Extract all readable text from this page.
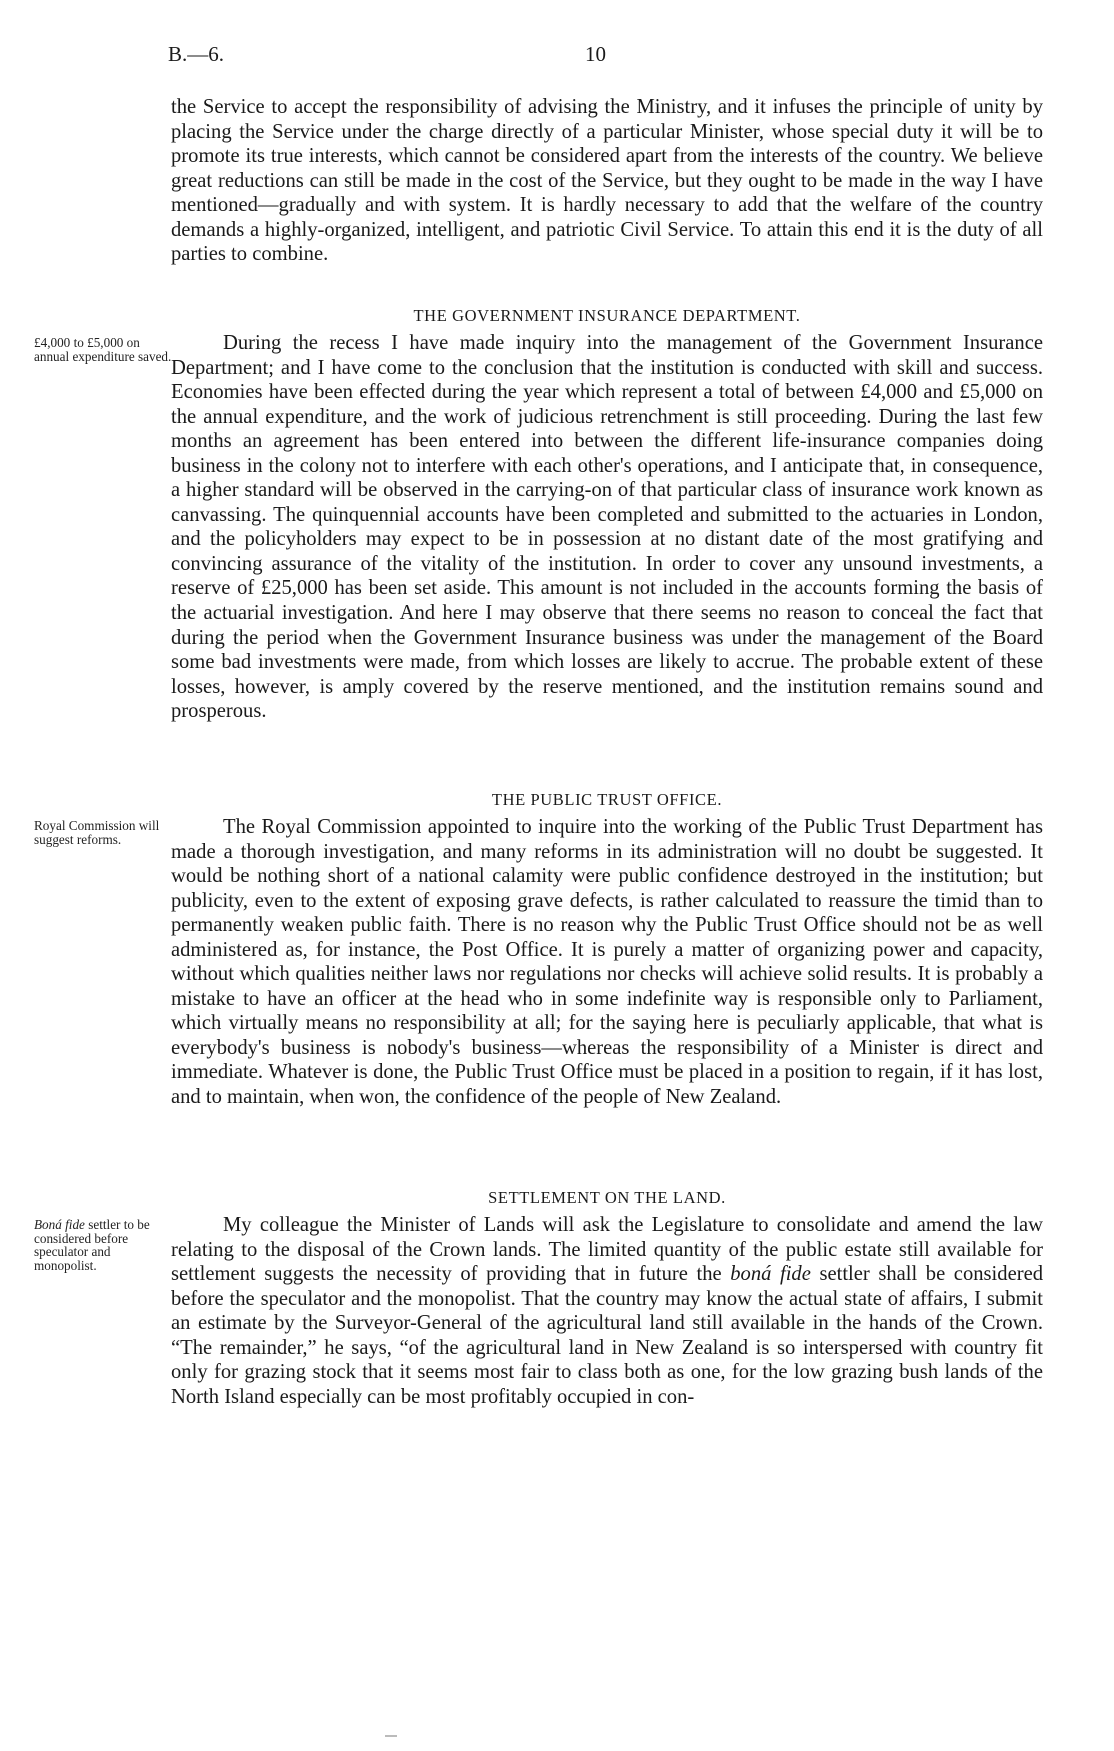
B.—6.	10

the Service to accept the responsibility of advising the Ministry, and it infuses the principle of unity by placing the Service under the charge directly of a particular Minister, whose special duty it will be to promote its true interests, which cannot be considered apart from the interests of the country. We believe great reductions can still be made in the cost of the Service, but they ought to be made in the way I have mentioned—gradually and with system. It is hardly necessary to add that the welfare of the country demands a highly-organized, intelligent, and patriotic Civil Service. To attain this end it is the duty of all parties to combine.

THE GOVERNMENT INSURANCE DEPARTMENT.

During the recess I have made inquiry into the management of the Government Insurance Department; and I have come to the conclusion that the institution is conducted with skill and success. Economies have been effected during the year which represent a total of between £4,000 and £5,000 on the annual expenditure, and the work of judicious retrenchment is still proceeding. During the last few months an agreement has been entered into between the different life-insurance companies doing business in the colony not to interfere with each other's operations, and I anticipate that, in consequence, a higher standard will be observed in the carrying-on of that particular class of insurance work known as canvassing. The quinquennial accounts have been completed and submitted to the actuaries in London, and the policyholders may expect to be in possession at no distant date of the most gratifying and convincing assurance of the vitality of the institution. In order to cover any unsound investments, a reserve of £25,000 has been set aside. This amount is not included in the accounts forming the basis of the actuarial investigation. And here I may observe that there seems no reason to conceal the fact that during the period when the Government Insurance business was under the management of the Board some bad investments were made, from which losses are likely to accrue. The probable extent of these losses, however, is amply covered by the reserve mentioned, and the institution remains sound and prosperous.

£4,000 to £5,000 on annual expenditure saved.

THE PUBLIC TRUST OFFICE.

The Royal Commission appointed to inquire into the working of the Public Trust Department has made a thorough investigation, and many reforms in its administration will no doubt be suggested. It would be nothing short of a national calamity were public confidence destroyed in the institution; but publicity, even to the extent of exposing grave defects, is rather calculated to reassure the timid than to permanently weaken public faith. There is no reason why the Public Trust Office should not be as well administered as, for instance, the Post Office. It is purely a matter of organizing power and capacity, without which qualities neither laws nor regulations nor checks will achieve solid results. It is probably a mistake to have an officer at the head who in some indefinite way is responsible only to Parliament, which virtually means no responsibility at all; for the saying here is peculiarly applicable, that what is everybody's business is nobody's business—whereas the responsibility of a Minister is direct and immediate. Whatever is done, the Public Trust Office must be placed in a position to regain, if it has lost, and to maintain, when won, the confidence of the people of New Zealand.

Royal Commission will suggest reforms.

SETTLEMENT ON THE LAND.

My colleague the Minister of Lands will ask the Legislature to consolidate and amend the law relating to the disposal of the Crown lands. The limited quantity of the public estate still available for settlement suggests the necessity of providing that in future the boná fide settler shall be considered before the speculator and the monopolist. That the country may know the actual state of affairs, I submit an estimate by the Surveyor-General of the agricultural land still available in the hands of the Crown. “The remainder,” he says, “of the agricultural land in New Zealand is so interspersed with country fit only for grazing stock that it seems most fair to class both as one, for the low grazing bush lands of the North Island especially can be most profitably occupied in con-

Boná fide settler to be considered before speculator and monopolist.
